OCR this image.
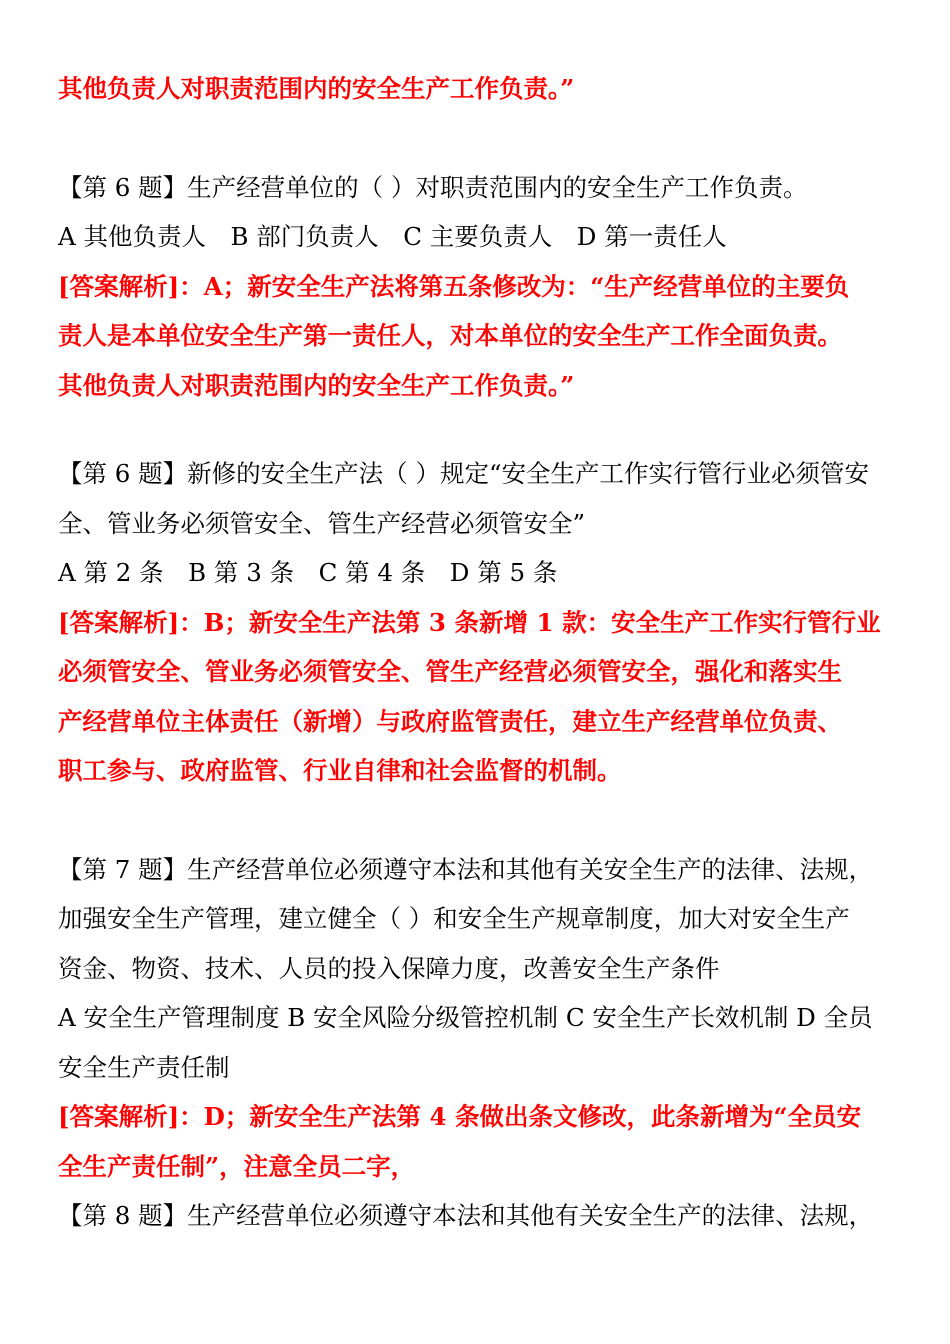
其他负责人对职责范围内的安全生产工作负责。”
【第 6 题】生产经营单位的（ ）对职责范围内的安全生产工作负责。
A 其他负责人　B 部门负责人　C 主要负责人　D 第一责任人
[答案解析]：A；新安全生产法将第五条修改为：“生产经营单位的主要负
责人是本单位安全生产第一责任人，对本单位的安全生产工作全面负责。
其他负责人对职责范围内的安全生产工作负责。”
【第 6 题】新修的安全生产法（ ）规定“安全生产工作实行管行业必须管安
全、管业务必须管安全、管生产经营必须管安全”
A 第 2 条　B 第 3 条　C 第 4 条　D 第 5 条
[答案解析]：B；新安全生产法第 3 条新增 1 款：安全生产工作实行管行业
必须管安全、管业务必须管安全、管生产经营必须管安全，强化和落实生
产经营单位主体责任（新增）与政府监管责任，建立生产经营单位负责、
职工参与、政府监管、行业自律和社会监督的机制。
【第 7 题】生产经营单位必须遵守本法和其他有关安全生产的法律、法规，
加强安全生产管理，建立健全（ ）和安全生产规章制度，加大对安全生产
资金、物资、技术、人员的投入保障力度，改善安全生产条件
A 安全生产管理制度 B 安全风险分级管控机制 C 安全生产长效机制 D 全员
安全生产责任制
[答案解析]：D；新安全生产法第 4 条做出条文修改，此条新增为“全员安
全生产责任制”，注意全员二字，
【第 8 题】生产经营单位必须遵守本法和其他有关安全生产的法律、法规，
